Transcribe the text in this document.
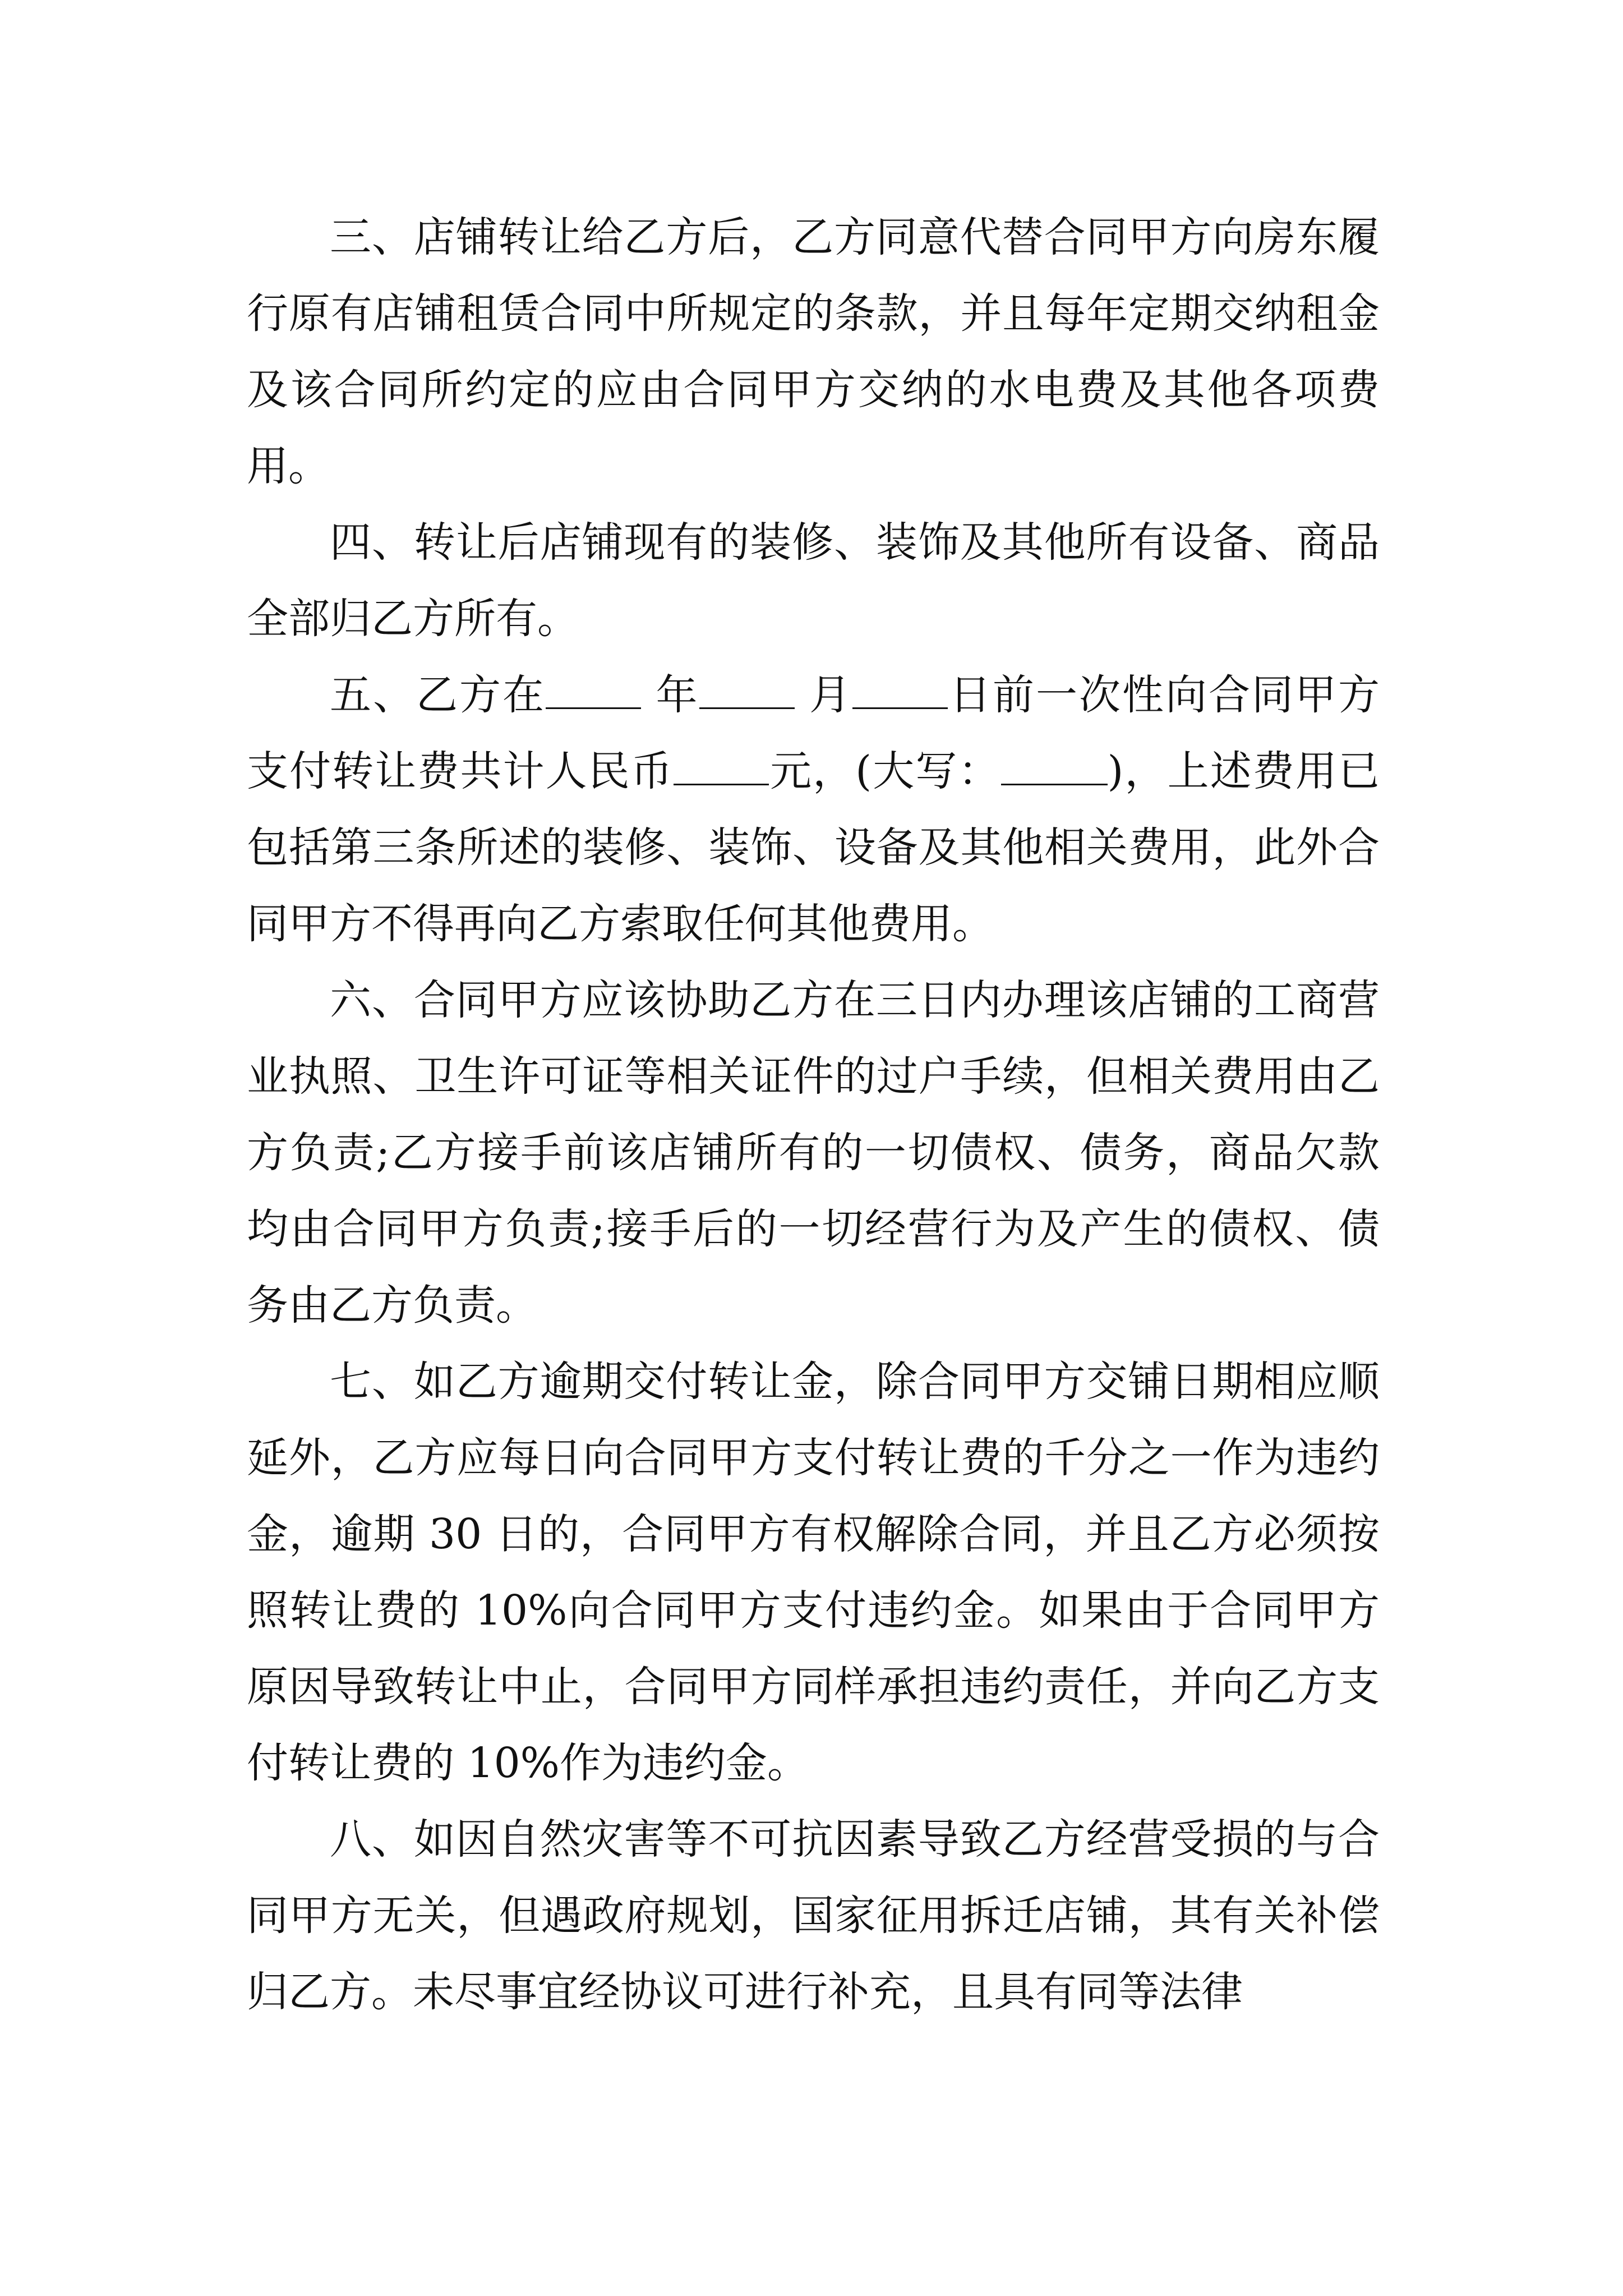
三、店铺转让给乙方后，乙方同意代替合同甲方向房东履行原有店铺租赁合同中所规定的条款，并且每年定期交纳租金及该合同所约定的应由合同甲方交纳的水电费及其他各项费用。

四、转让后店铺现有的装修、装饰及其他所有设备、商品全部归乙方所有。

五、乙方在 年 月 日前一次性向合同甲方支付转让费共计人民币 元，(大写：	)，上述费用已包括第三条所述的装修、装饰、设备及其他相关费用，此外合同甲方不得再向乙方索取任何其他费用。

六、合同甲方应该协助乙方在三日内办理该店铺的工商营业执照、卫生许可证等相关证件的过户手续，但相关费用由乙方负责;乙方接手前该店铺所有的一切债权、债务，商品欠款均由合同甲方负责;接手后的一切经营行为及产生的债权、债务由乙方负责。

七、如乙方逾期交付转让金，除合同甲方交铺日期相应顺延外，乙方应每日向合同甲方支付转让费的千分之一作为违约金，逾期 30 日的，合同甲方有权解除合同，并且乙方必须按照转让费的 10%向合同甲方支付违约金。如果由于合同甲方原因导致转让中止，合同甲方同样承担违约责任，并向乙方支付转让费的 10%作为违约金。

八、如因自然灾害等不可抗因素导致乙方经营受损的与合同甲方无关，但遇政府规划，国家征用拆迁店铺，其有关补偿归乙方。未尽事宜经协议可进行补充，且具有同等法律
